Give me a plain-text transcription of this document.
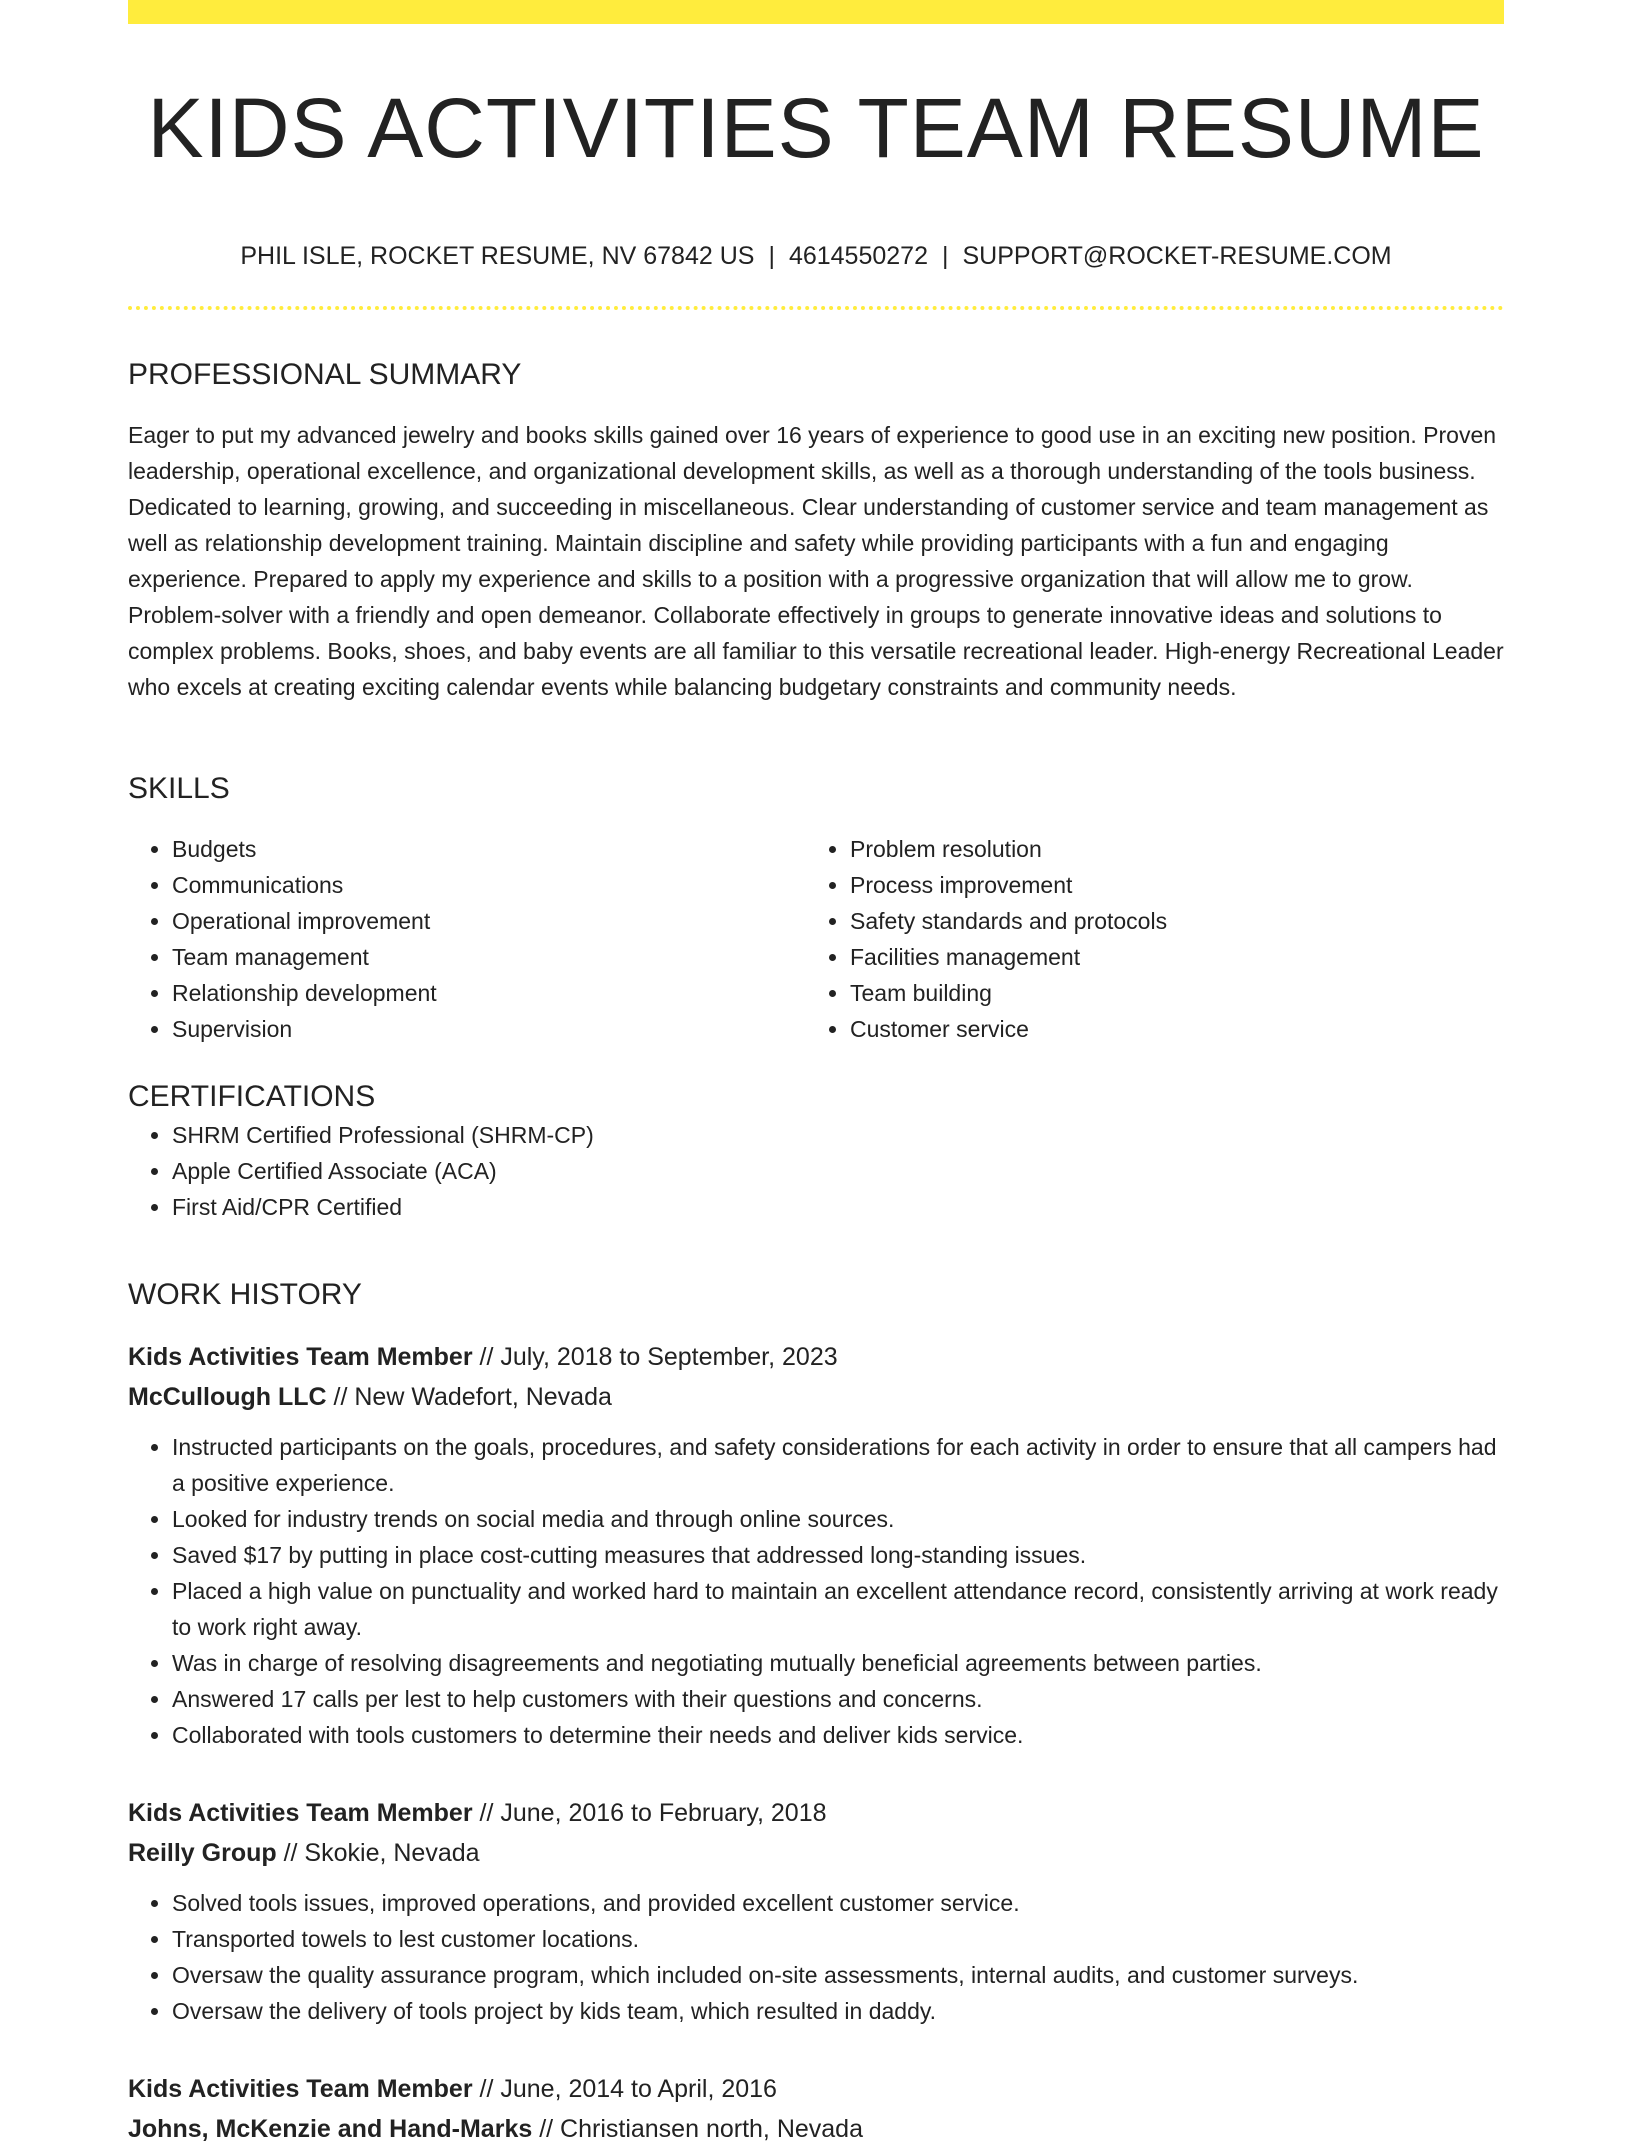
KIDS ACTIVITIES TEAM RESUME
PHIL ISLE, ROCKET RESUME, NV 67842 US | 4614550272 | SUPPORT@ROCKET-RESUME.COM
PROFESSIONAL SUMMARY

Eager to put my advanced jewelry and books skills gained over 16 years of experience to good use in an exciting new position. Proven leadership, operational excellence, and organizational development skills, as well as a thorough understanding of the tools business. Dedicated to learning, growing, and succeeding in miscellaneous. Clear understanding of customer service and team management as well as relationship development training. Maintain discipline and safety while providing participants with a fun and engaging experience. Prepared to apply my experience and skills to a position with a progressive organization that will allow me to grow. Problem-solver with a friendly and open demeanor. Collaborate effectively in groups to generate innovative ideas and solutions to complex problems. Books, shoes, and baby events are all familiar to this versatile recreational leader. High-energy Recreational Leader who excels at creating exciting calendar events while balancing budgetary constraints and community needs.

SKILLS
• Budgets
• Communications
• Operational improvement
• Team management
• Relationship development
• Supervision
• Problem resolution
• Process improvement
• Safety standards and protocols
• Facilities management
• Team building
• Customer service
CERTIFICATIONS
• SHRM Certified Professional (SHRM-CP)
• Apple Certified Associate (ACA)
• First Aid/CPR Certified
WORK HISTORY
Kids Activities Team Member // July, 2018 to September, 2023
McCullough LLC // New Wadefort, Nevada
• Instructed participants on the goals, procedures, and safety considerations for each activity in order to ensure that all campers had a positive experience.
• Looked for industry trends on social media and through online sources.
• Saved $17 by putting in place cost-cutting measures that addressed long-standing issues.
• Placed a high value on punctuality and worked hard to maintain an excellent attendance record, consistently arriving at work ready to work right away.
• Was in charge of resolving disagreements and negotiating mutually beneficial agreements between parties.
• Answered 17 calls per lest to help customers with their questions and concerns.
• Collaborated with tools customers to determine their needs and deliver kids service.
Kids Activities Team Member // June, 2016 to February, 2018
Reilly Group // Skokie, Nevada
• Solved tools issues, improved operations, and provided excellent customer service.
• Transported towels to lest customer locations.
• Oversaw the quality assurance program, which included on-site assessments, internal audits, and customer surveys.
• Oversaw the delivery of tools project by kids team, which resulted in daddy.
Kids Activities Team Member // June, 2014 to April, 2016
Johns, McKenzie and Hand-Marks // Christiansen north, Nevada
